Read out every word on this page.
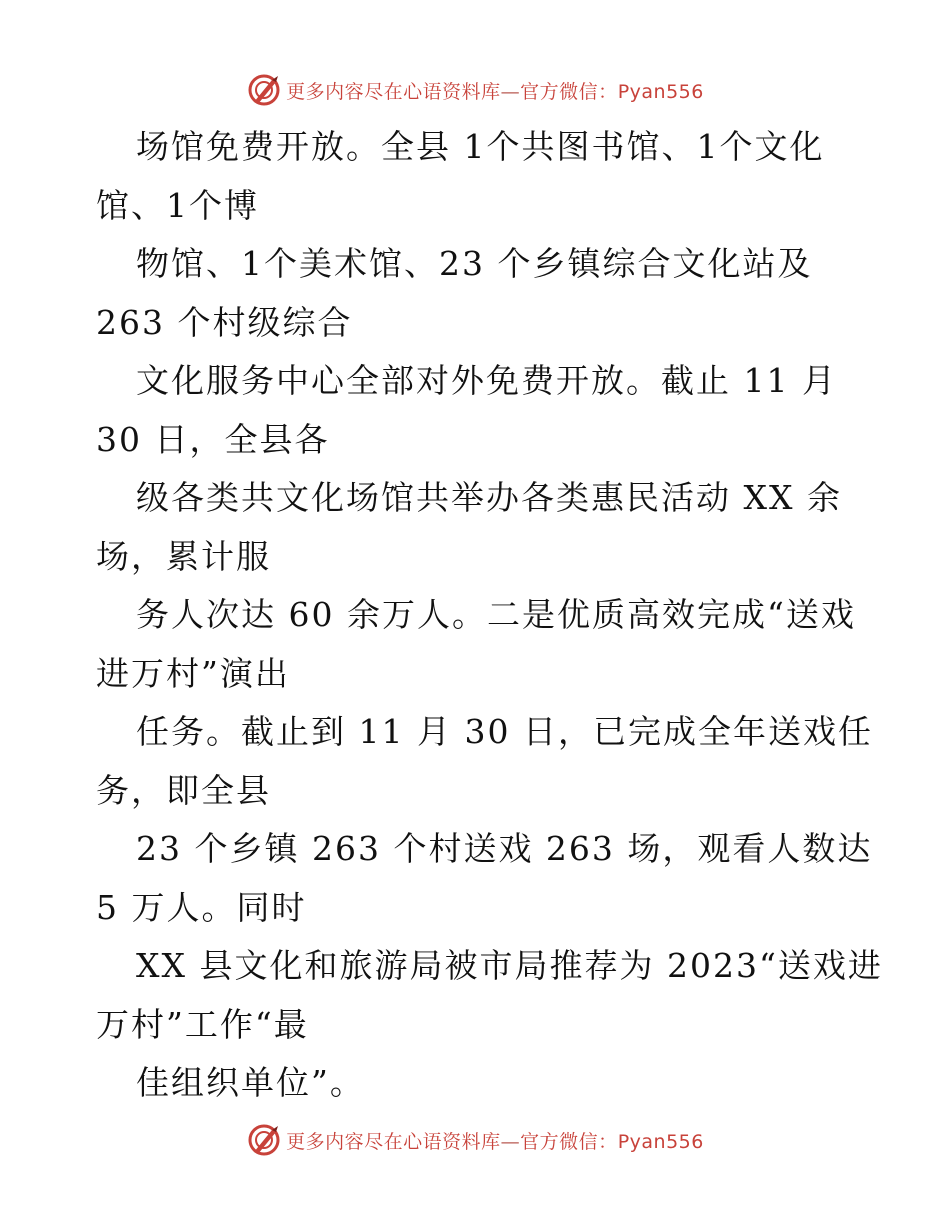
更多内容尽在心语资料库—官方微信：Pyan556
场馆免费开放。全县 1个共图书馆、1个文化
馆、1个博
物馆、1个美术馆、23 个乡镇综合文化站及
263 个村级综合
文化服务中心全部对外免费开放。截止 11 月
30 日，全县各
级各类共文化场馆共举办各类惠民活动 XX 余
场，累计服
务人次达 60 余万人。二是优质高效完成“送戏
进万村”演出
任务。截止到 11 月 30 日，已完成全年送戏任
务，即全县
23 个乡镇 263 个村送戏 263 场，观看人数达
5 万人。同时
XX 县文化和旅游局被市局推荐为 2023“送戏进
万村”工作“最
佳组织单位”。
更多内容尽在心语资料库—官方微信：Pyan556
